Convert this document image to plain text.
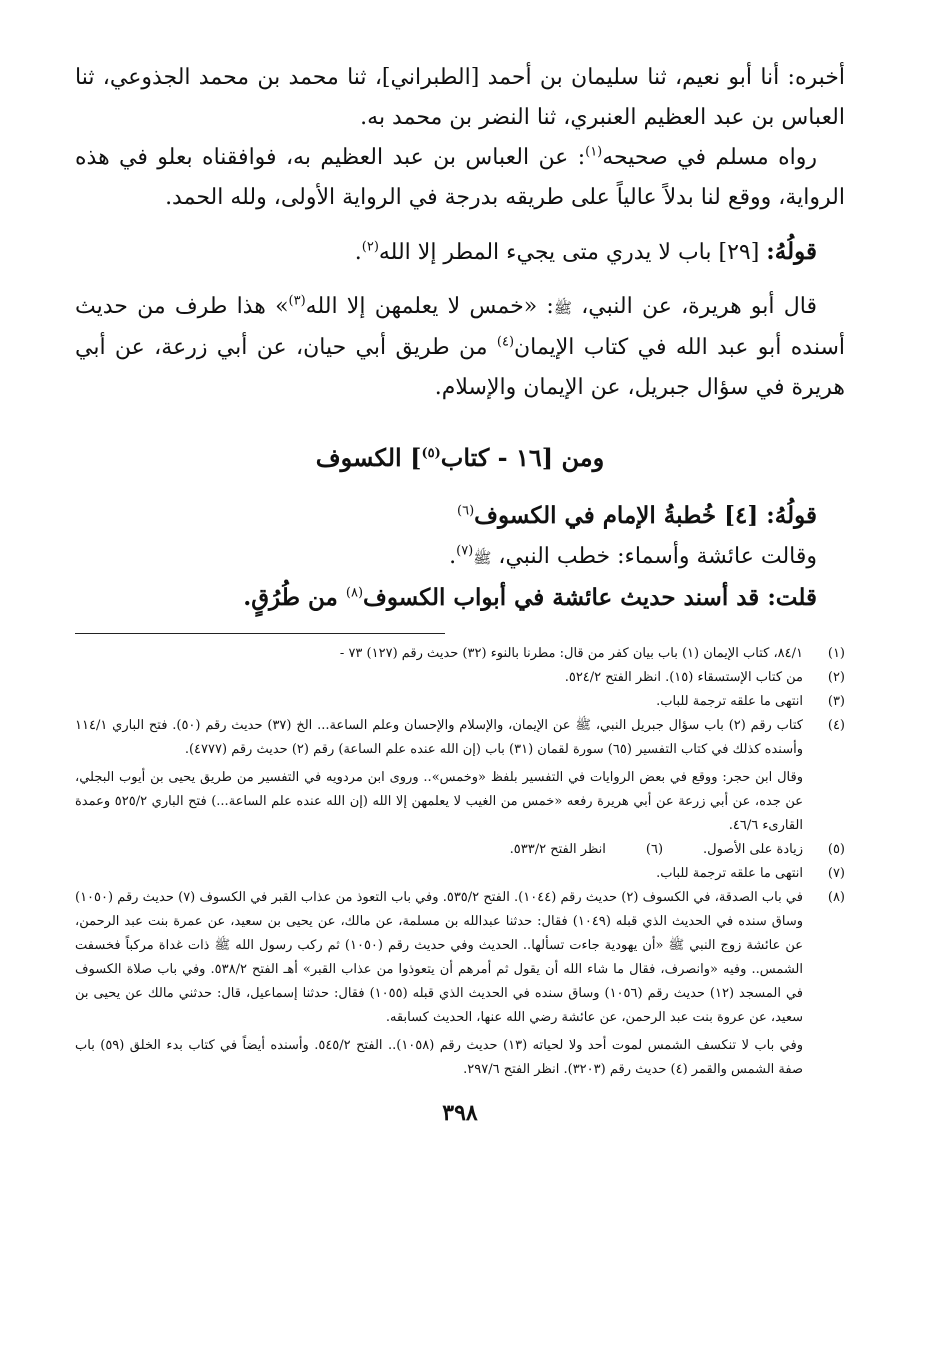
أخبره: أنا أبو نعيم، ثنا سليمان بن أحمد [الطبراني]، ثنا محمد بن محمد الجذوعي، ثنا العباس بن عبد العظيم العنبري، ثنا النضر بن محمد به.

رواه مسلم في صحيحه$^{(١)}$: عن العباس بن عبد العظيم به، فوافقناه بعلو في هذه الرواية، ووقع لنا بدلاً عالياً على طريقه بدرجة في الرواية الأولى، ولله الحمد.

قولُهُ: [٢٩] باب لا يدري متى يجيء المطر إلا الله$^{(٢)}$.

قال أبو هريرة، عن النبي، ﷺ: «خمس لا يعلمهن إلا الله$^{(٣)}$» هذا طرف من حديث أسنده أبو عبد الله في كتاب الإيمان$^{(٤)}$ من طريق أبي حيان، عن أبي زرعة، عن أبي هريرة في سؤال جبريل، عن الإيمان والإسلام.

ومن [١٦ - كتاب$^{(٥)}$] الكسوف

قولُهُ: [٤] خُطبةُ الإمام في الكسوف$^{(٦)}$

وقالت عائشة وأسماء: خطب النبي، ﷺ$^{(٧)}$.

قلت: قد أسند حديث عائشة في أبواب الكسوف$^{(٨)}$ من طُرُقٍ.

(١)
٨٤/١، كتاب الإيمان (١) باب بيان كفر من قال: مطرنا بالنوء (٣٢) حديث رقم (١٢٧) ٧٣ -
(٢)
من كتاب الإستسقاء (١٥). انظر الفتح ٥٢٤/٢.
(٣)
انتهى ما علقه ترجمة للباب.
(٤)
كتاب رقم (٢) باب سؤال جبريل النبي، ﷺ عن الإيمان، والإسلام والإحسان وعلم الساعة... الخ (٣٧) حديث رقم (٥٠). فتح الباري ١١٤/١ وأسنده كذلك في كتاب التفسير (٦٥) سورة لقمان (٣١) باب (إن الله عنده علم الساعة) رقم (٢) حديث رقم (٤٧٧٧).

وقال ابن حجر: ووقع في بعض الروايات في التفسير بلفظ «وخمس».. وروى ابن مردويه في التفسير من طريق يحيى بن أيوب البجلي، عن جده، عن أبي زرعة عن أبي هريرة رفعه «خمس من الغيب لا يعلمهن إلا الله (إن الله عنده علم الساعة...) فتح الباري ٥٢٥/٢ وعمدة القارىء ٤٦/٦.

(٥)
زيادة على الأصول.
(٦)
انظر الفتح ٥٣٣/٢.
(٧)
انتهى ما علقه ترجمة للباب.
(٨)
في باب الصدقة، في الكسوف (٢) حديث رقم (١٠٤٤). الفتح ٥٣٥/٢. وفي باب التعوذ من عذاب القبر في الكسوف (٧) حديث رقم (١٠٥٠) وساق سنده في الحديث الذي قبله (١٠٤٩) فقال: حدثنا عبدالله بن مسلمة، عن مالك، عن يحيى بن سعيد، عن عمرة بنت عبد الرحمن، عن عائشة زوج النبي ﷺ «أن يهودية جاءت تسألها.. الحديث وفي حديث رقم (١٠٥٠) ثم ركب رسول الله ﷺ ذات غداة مركباً فخسفت الشمس.. وفيه «وانصرف، فقال ما شاء الله أن يقول ثم أمرهم أن يتعوذوا من عذاب القبر» أهـ الفتح ٥٣٨/٢. وفي باب صلاة الكسوف في المسجد (١٢) حديث رقم (١٠٥٦) وساق سنده في الحديث الذي قبله (١٠٥٥) فقال: حدثنا إسماعيل، قال: حدثني مالك عن يحيى بن سعيد، عن عروة بنت عبد الرحمن، عن عائشة رضي الله عنها، الحديث كسابقه.

وفي باب لا تنكسف الشمس لموت أحد ولا لحياته (١٣) حديث رقم (١٠٥٨).. الفتح ٥٤٥/٢. وأسنده أيضاً في كتاب بدء الخلق (٥٩) باب صفة الشمس والقمر (٤) حديث رقم (٣٢٠٣). انظر الفتح ٢٩٧/٦.

٣٩٨
